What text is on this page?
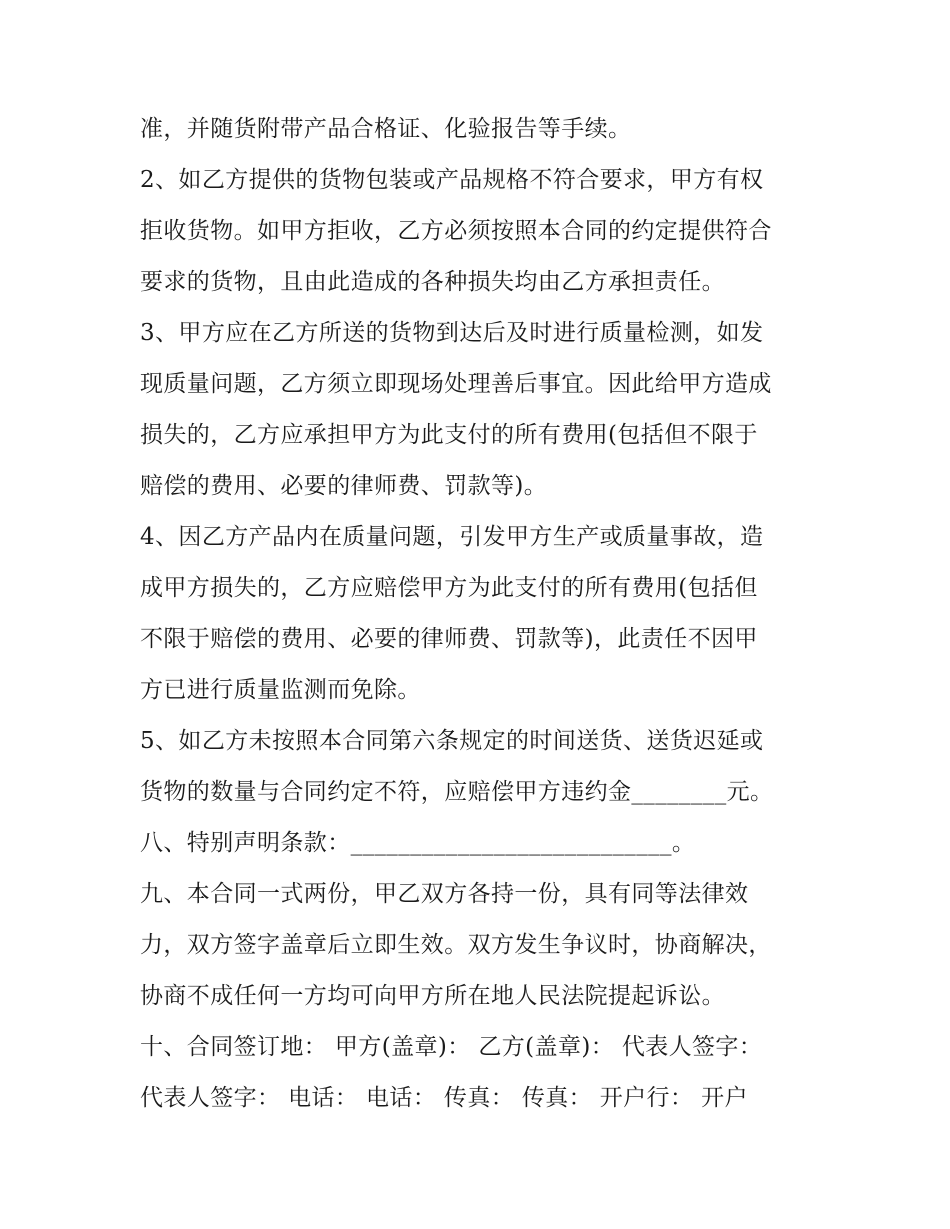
准，并随货附带产品合格证、化验报告等手续。
2、如乙方提供的货物包装或产品规格不符合要求，甲方有权
拒收货物。如甲方拒收，乙方必须按照本合同的约定提供符合
要求的货物，且由此造成的各种损失均由乙方承担责任。
3、甲方应在乙方所送的货物到达后及时进行质量检测，如发
现质量问题，乙方须立即现场处理善后事宜。因此给甲方造成
损失的，乙方应承担甲方为此支付的所有费用(包括但不限于
赔偿的费用、必要的律师费、罚款等)。
4、因乙方产品内在质量问题，引发甲方生产或质量事故，造
成甲方损失的，乙方应赔偿甲方为此支付的所有费用(包括但
不限于赔偿的费用、必要的律师费、罚款等)，此责任不因甲
方已进行质量监测而免除。
5、如乙方未按照本合同第六条规定的时间送货、送货迟延或
货物的数量与合同约定不符，应赔偿甲方违约金________元。
八、特别声明条款：___________________________。
九、本合同一式两份，甲乙双方各持一份，具有同等法律效
力，双方签字盖章后立即生效。双方发生争议时，协商解决，
协商不成任何一方均可向甲方所在地人民法院提起诉讼。
十、合同签订地： 甲方(盖章)： 乙方(盖章)： 代表人签字：
代表人签字： 电话： 电话： 传真： 传真： 开户行： 开户
